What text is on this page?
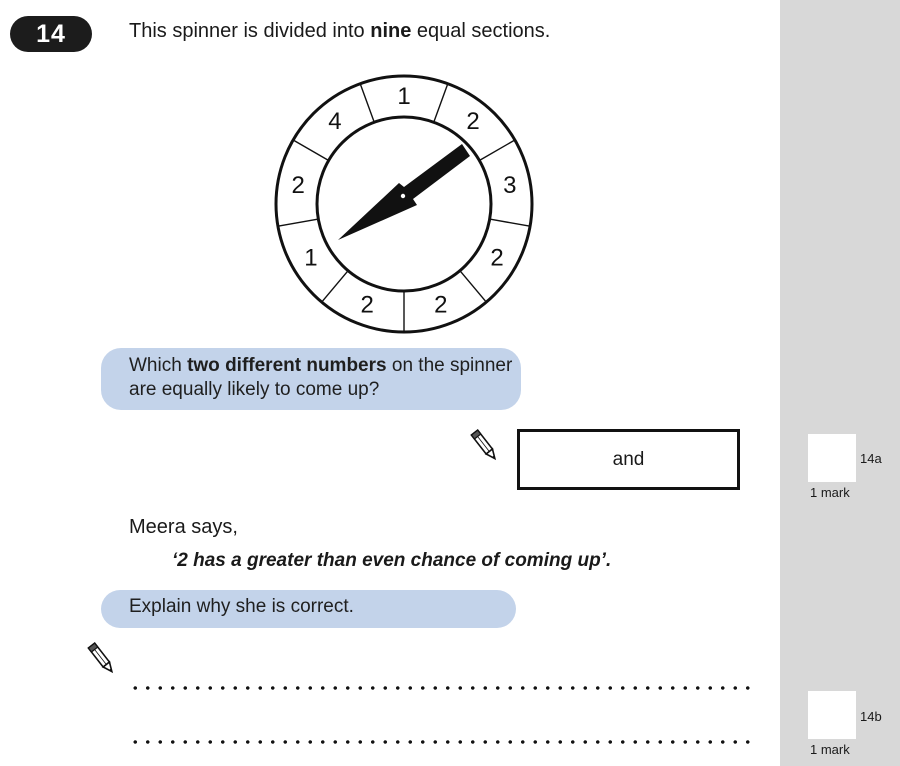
14	This spinner is divided into nine equal sections.
1
2
3
2
2
2
1
2
4
Which two different numbers on the spinner are equally likely to come up?
and	14a
1 mark
Meera says,
‘2 has a greater than even chance of coming up’.
Explain why she is correct.
14b
1 mark
